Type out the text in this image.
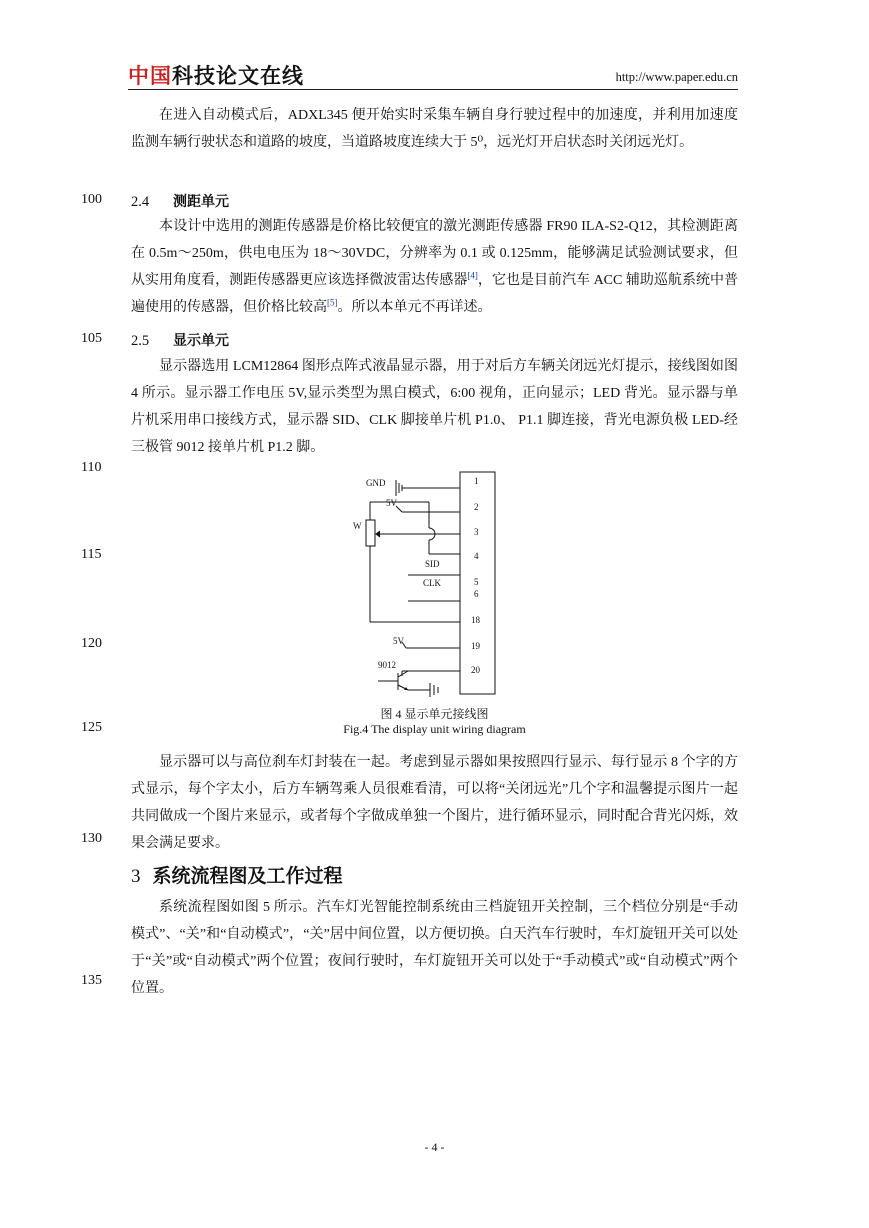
中国 科技论文在线	http://www.paper.edu.cn
100
105
110
115
120
125
130
135
在进入自动模式后，ADXL345 便开始实时采集车辆自身行驶过程中的加速度，并利用加速度监测车辆行驶状态和道路的坡度，当道路坡度连续大于 5⁰，远光灯开启状态时关闭远光灯。
2.4 测距单元
本设计中选用的测距传感器是价格比较便宜的激光测距传感器 FR90 ILA-S2-Q12，其检测距离在 0.5m～250m，供电电压为 18～30VDC，分辨率为 0.1 或 0.125mm，能够满足试验测试要求，但从实用角度看，测距传感器更应该选择微波雷达传感器[4]，它也是目前汽车 ACC 辅助巡航系统中普遍使用的传感器，但价格比较高[5]。所以本单元不再详述。
2.5 显示单元
显示器选用 LCM12864 图形点阵式液晶显示器，用于对后方车辆关闭远光灯提示，接线图如图 4 所示。显示器工作电压 5V,显示类型为黑白模式，6:00 视角，正向显示；LED 背光。显示器与单片机采用串口接线方式，显示器 SID、CLK 脚接单片机 P1.0、 P1.1 脚连接，背光电源负极 LED-经三极管 9012 接单片机 P1.2 脚。
GND
5V
W
SID
CLK
5V
9012
1
2
3
4
5
6
18
19
20
图 4 显示单元接线图
Fig.4 The display unit wiring diagram
显示器可以与高位刹车灯封装在一起。考虑到显示器如果按照四行显示、每行显示 8 个字的方式显示，每个字太小，后方车辆驾乘人员很难看清，可以将“关闭远光”几个字和温馨提示图片一起共同做成一个图片来显示，或者每个字做成单独一个图片，进行循环显示，同时配合背光闪烁，效果会满足要求。
3 系统流程图及工作过程
系统流程图如图 5 所示。汽车灯光智能控制系统由三档旋钮开关控制，三个档位分别是“手动模式”、“关”和“自动模式”，“关”居中间位置，以方便切换。白天汽车行驶时，车灯旋钮开关可以处于“关”或“自动模式”两个位置；夜间行驶时，车灯旋钮开关可以处于“手动模式”或“自动模式”两个位置。
- 4 -
